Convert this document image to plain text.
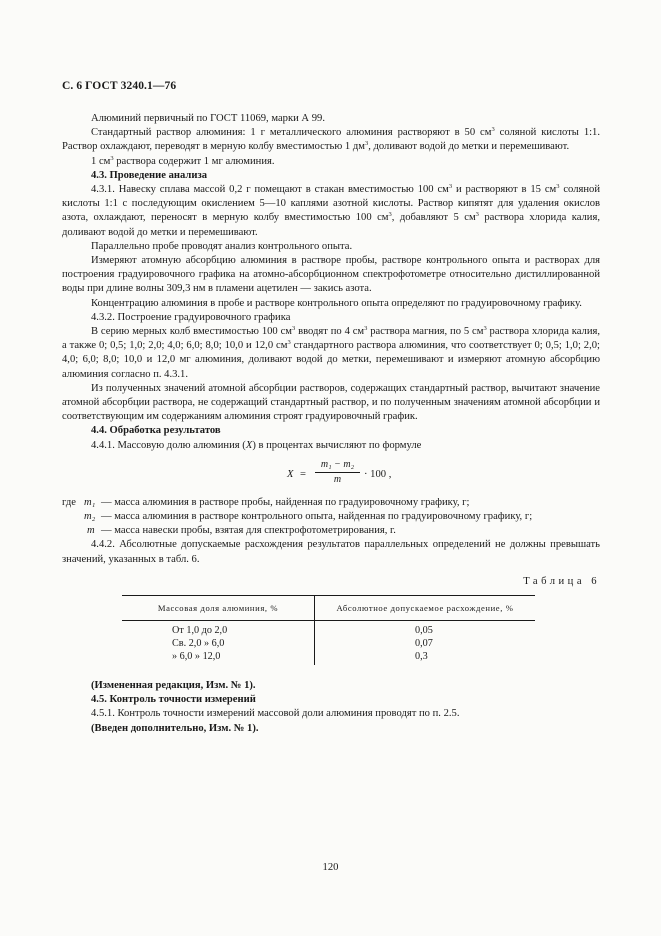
С. 6 ГОСТ 3240.1—76

Алюминий первичный по ГОСТ 11069, марки А 99.

Стандартный раствор алюминия: 1 г металлического алюминия растворяют в 50 $см^3$ соляной кислоты 1:1. Раствор охлаждают, переводят в мерную колбу вместимостью 1 $дм^3$, доливают водой до метки и перемешивают.

1 $см^3$ раствора содержит 1 мг алюминия.

4.3. Проведение анализа

4.3.1. Навеску сплава массой 0,2 г помещают в стакан вместимостью 100 $см^3$ и растворяют в 15 $см^3$ соляной кислоты 1:1 с последующим окислением 5—10 каплями азотной кислоты. Раствор кипятят для удаления окислов азота, охлаждают, переносят в мерную колбу вместимостью 100 $см^3$, добавляют 5 $см^3$ раствора хлорида калия, доливают водой до метки и перемешивают.

Параллельно пробе проводят анализ контрольного опыта.

Измеряют атомную абсорбцию алюминия в растворе пробы, растворе контрольного опыта и растворах для построения градуировочного графика на атомно-абсорбционном спектрофотометре относительно дистиллированной воды при длине волны 309,3 нм в пламени ацетилен — закись азота.

Концентрацию алюминия в пробе и растворе контрольного опыта определяют по градуировочному графику.

4.3.2. Построение градуировочного графика

В серию мерных колб вместимостью 100 $см^3$ вводят по 4 $см^3$ раствора магния, по 5 $см^3$ раствора хлорида калия, а также 0; 0,5; 1,0; 2,0; 4,0; 6,0; 8,0; 10,0 и 12,0 $см^3$ стандартного раствора алюминия, что соответствует 0; 0,5; 1,0; 2,0; 4,0; 6,0; 8,0; 10,0 и 12,0 мг алюминия, доливают водой до метки, перемешивают и измеряют атомную абсорбцию алюминия согласно п. 4.3.1.

Из полученных значений атомной абсорбции растворов, содержащих стандартный раствор, вычитают значение атомной абсорбции раствора, не содержащий стандартный раствор, и по полученным значениям атомной абсорбции и соответствующим им содержаниям алюминия строят градуировочный график.

4.4. Обработка результатов

4.4.1. Массовую долю алюминия (X) в процентах вычисляют по формуле

$X = \frac{\text{m₁ − m₂}}{m} \cdot 100$ ,
где m₁ — масса алюминия в растворе пробы, найденная по градуировочному графику, г;
m₂ — масса алюминия в растворе контрольного опыта, найденная по градуировочному графику, г;
m — масса навески пробы, взятая для спектрофотометрирования, г.

4.4.2. Абсолютные допускаемые расхождения результатов параллельных определений не должны превышать значений, указанных в табл. 6.

Таблица 6
Массовая доля алюминия, %	Абсолютное допускаемое расхождение, %
От 1,0 до 2,0	0,05
Св. 2,0 » 6,0	0,07
» 6,0 » 12,0	0,3

(Измененная редакция, Изм. № 1).

4.5. Контроль точности измерений

4.5.1. Контроль точности измерений массовой доли алюминия проводят по п. 2.5.

(Введен дополнительно, Изм. № 1).

120
